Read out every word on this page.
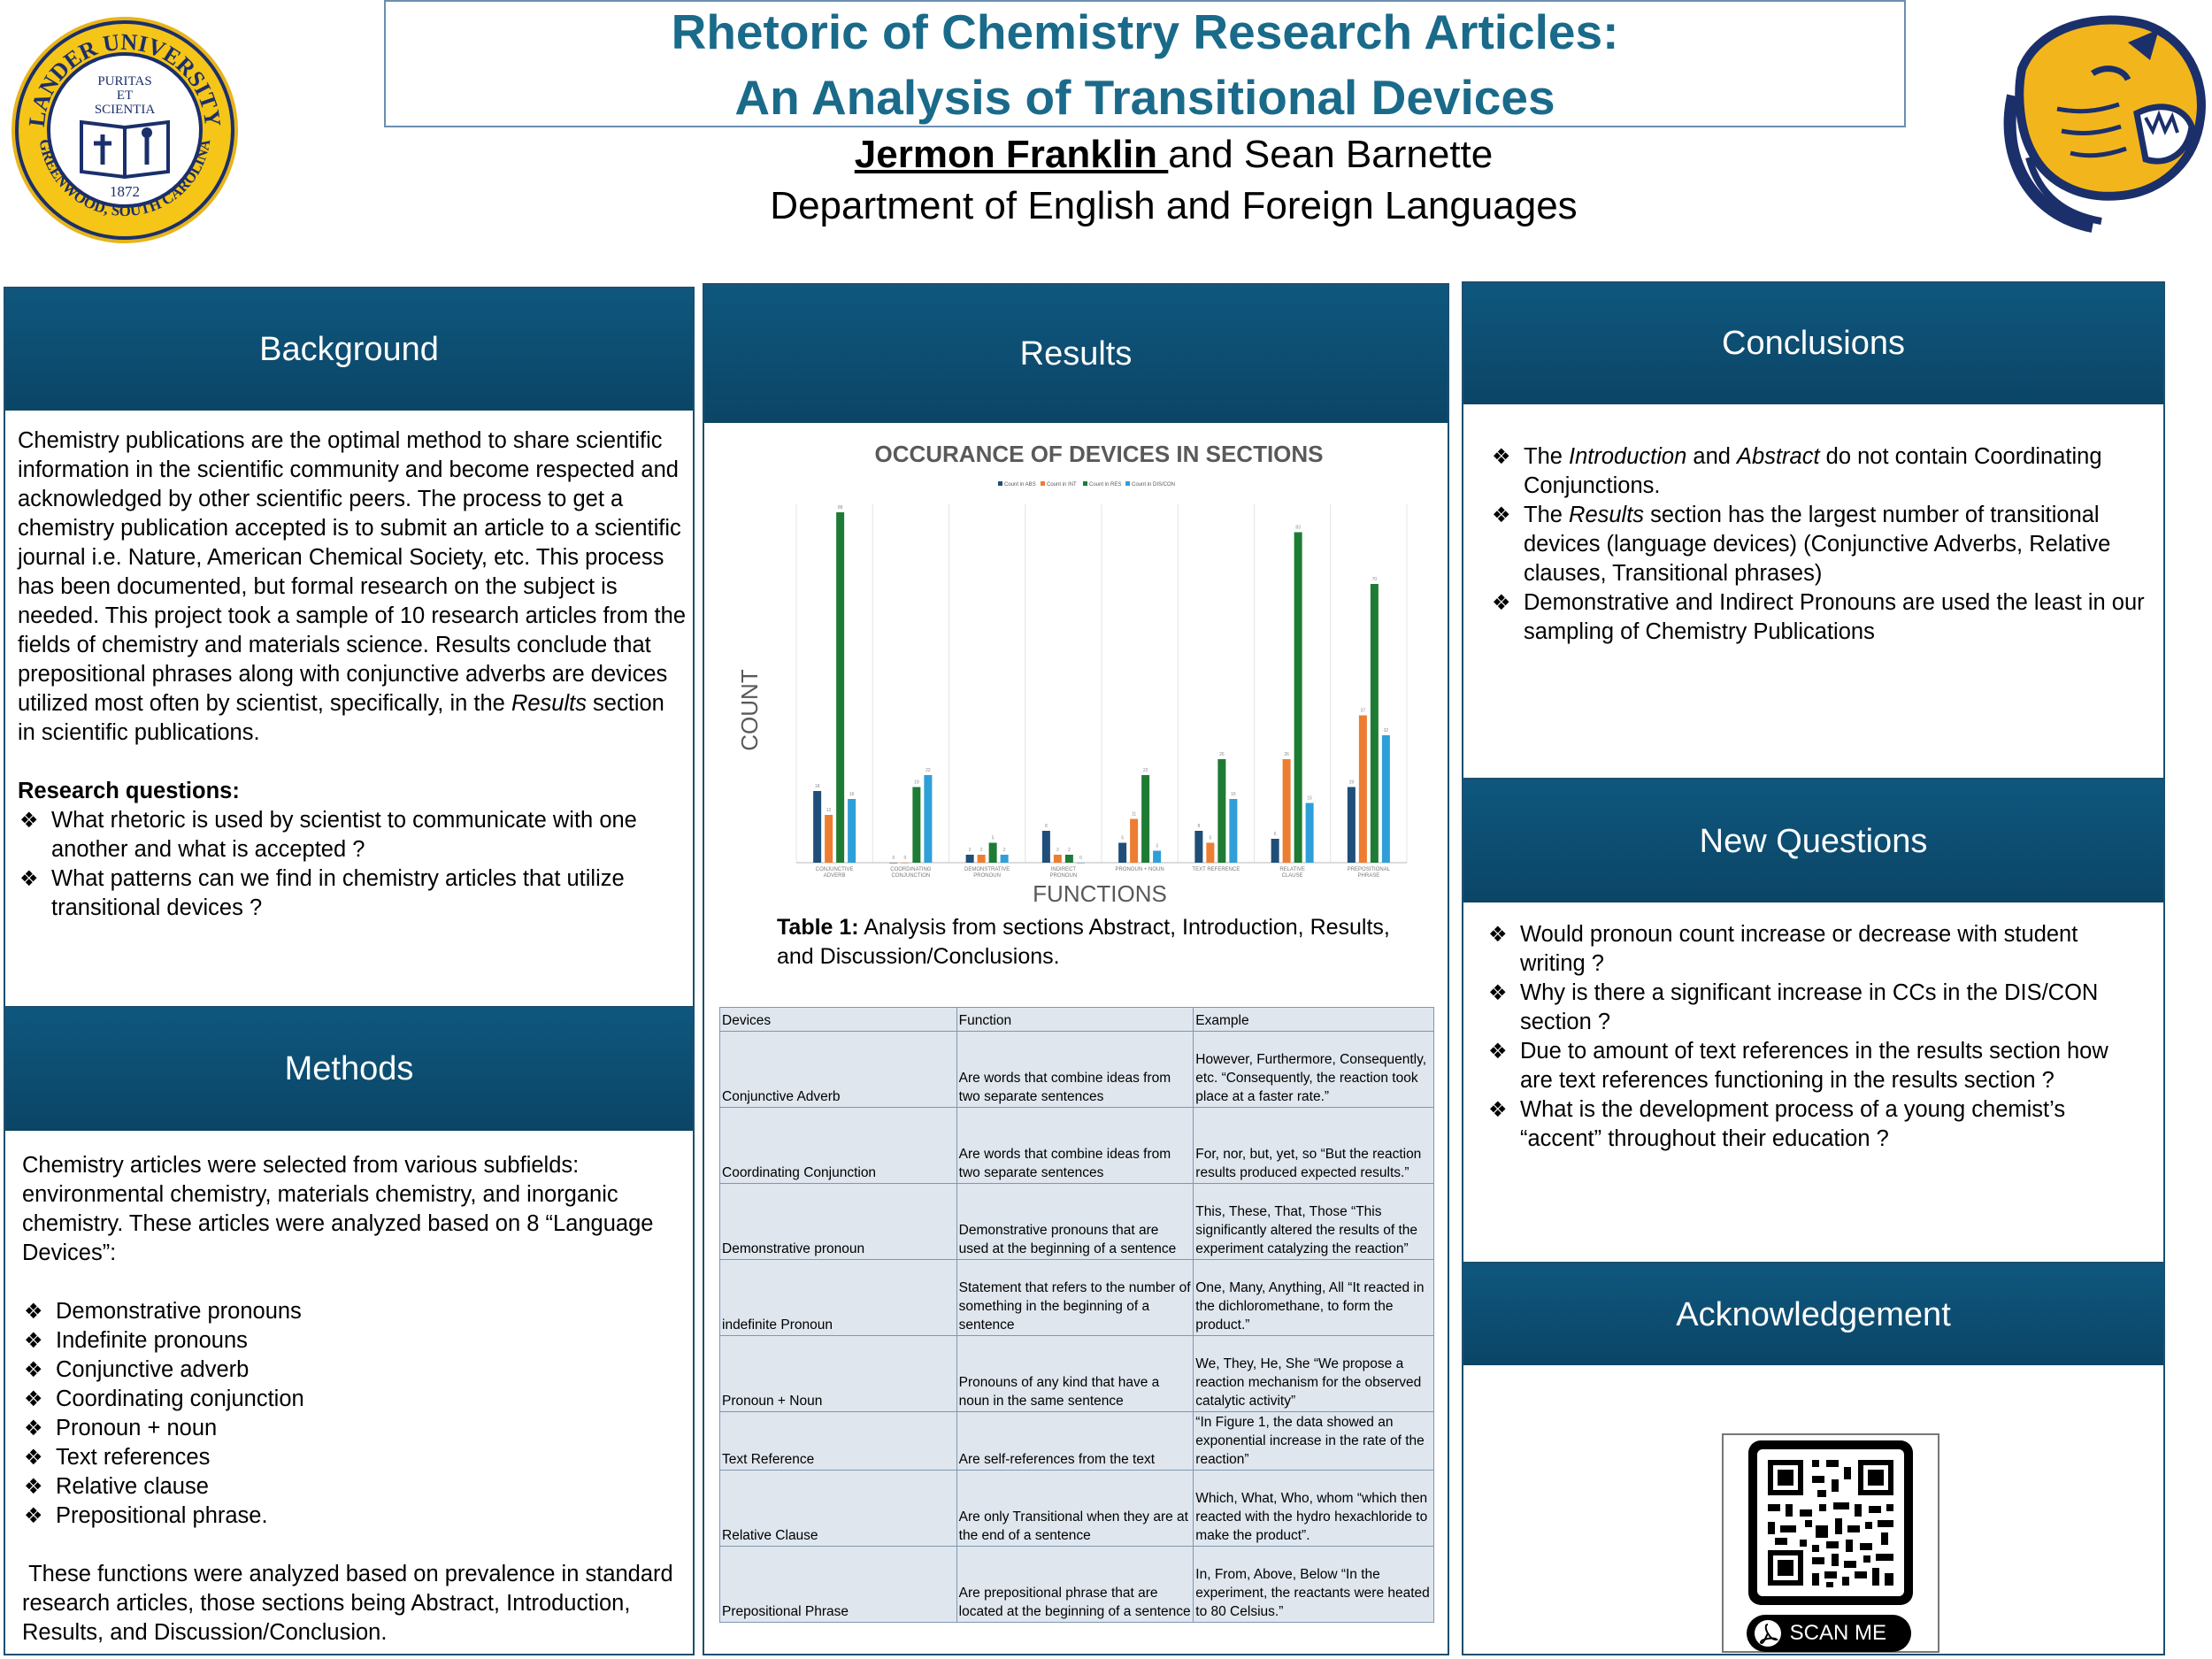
LANDER UNIVERSITY
GREENWOOD, SOUTH CAROLINA
PURITAS
ET
SCIENTIA
1872
Rhetoric of Chemistry Research Articles:
An Analysis of Transitional Devices
Jermon Franklin and Sean Barnette
Department of English and Foreign Languages
Background

Chemistry publications are the optimal method to share scientific information in the scientific community and become respected and acknowledged by other scientific peers. The process to get a chemistry publication accepted is to submit an article to a scientific journal i.e. Nature, American Chemical Society, etc. This process has been documented, but formal research on the subject is needed. This project took a sample of 10 research articles from the fields of chemistry and materials science. Results conclude that prepositional phrases along with conjunctive adverbs are devices utilized most often by scientist, specifically, in the Results section in scientific publications.

Research questions:

❖ What rhetoric is used by scientist to communicate with one another and what is accepted ?
❖ What patterns can we find in chemistry articles that utilize transitional devices ?
Methods

Chemistry articles were selected from various subfields: environmental chemistry, materials chemistry, and inorganic chemistry. These articles were analyzed based on 8 “Language Devices”:

❖ Demonstrative pronouns
❖ Indefinite pronouns
❖ Conjunctive adverb
❖ Coordinating conjunction
❖ Pronoun + noun
❖ Text references
❖ Relative clause
❖ Prepositional phrase.

These functions were analyzed based on prevalence in standard research articles, those sections being Abstract, Introduction, Results, and Discussion/Conclusion.

Results
OCCURANCE OF DEVICES IN SECTIONS
Count in ABS Count in INT Count in RES Count in DIS/CON
18
12
88
16
0 0
19
22
2 2
5
2
8
2 2
0
5
11
22
3
8
5
26
16
6
26
83
15
19
37
70
32
CONJUNCTIVE
ADVERB
COORDINATING
CONJUNCTION
DEMONSTRATIVE
PRONOUN
INDIRECT
PRONOUN
PRONOUN + NOUN	TEXT REFERENCE	RELATIVE
CLAUSE
PREPOSITIONAL
PHRASE
COUNT
FUNCTIONS
Table 1: Analysis from sections Abstract, Introduction, Results, and Discussion/Conclusions.
Devices	Function	Example
Conjunctive Adverb	Are words that combine ideas from two separate sentences	However, Furthermore, Consequently, etc. “Consequently, the reaction took place at a faster rate.”
Coordinating Conjunction	Are words that combine ideas from two separate sentences	For, nor, but, yet, so “But the reaction results produced expected results.”
Demonstrative pronoun	Demonstrative pronouns that are used at the beginning of a sentence	This, These, That, Those “This significantly altered the results of the experiment catalyzing the reaction”
indefinite Pronoun	Statement that refers to the number of something in the beginning of a sentence	One, Many, Anything, All “It reacted in the dichloromethane, to form the product.”
Pronoun + Noun	Pronouns of any kind that have a noun in the same sentence	We, They, He, She “We propose a reaction mechanism for the observed catalytic activity”
Text Reference	Are self-references from the text	“In Figure 1, the data showed an exponential increase in the rate of the reaction”
Relative Clause	Are only Transitional when they are at the end of a sentence	Which, What, Who, whom “which then reacted with the hydro hexachloride to make the product”.
Prepositional Phrase	Are prepositional phrase that are located at the beginning of a sentence	In, From, Above, Below “In the experiment, the reactants were heated to 80 Celsius.”
Conclusions
❖ The Introduction and Abstract do not contain Coordinating Conjunctions.
❖ The Results section has the largest number of transitional devices (language devices) (Conjunctive Adverbs, Relative clauses, Transitional phrases)
❖ Demonstrative and Indirect Pronouns are used the least in our sampling of Chemistry Publications
New Questions
❖ Would pronoun count increase or decrease with student writing ?
❖ Why is there a significant increase in CCs in the DIS/CON section ?
❖ Due to amount of text references in the results section how are text references functioning in the results section ?
❖ What is the development process of a young chemist’s “accent” throughout their education ?
Acknowledgement
SCAN ME
